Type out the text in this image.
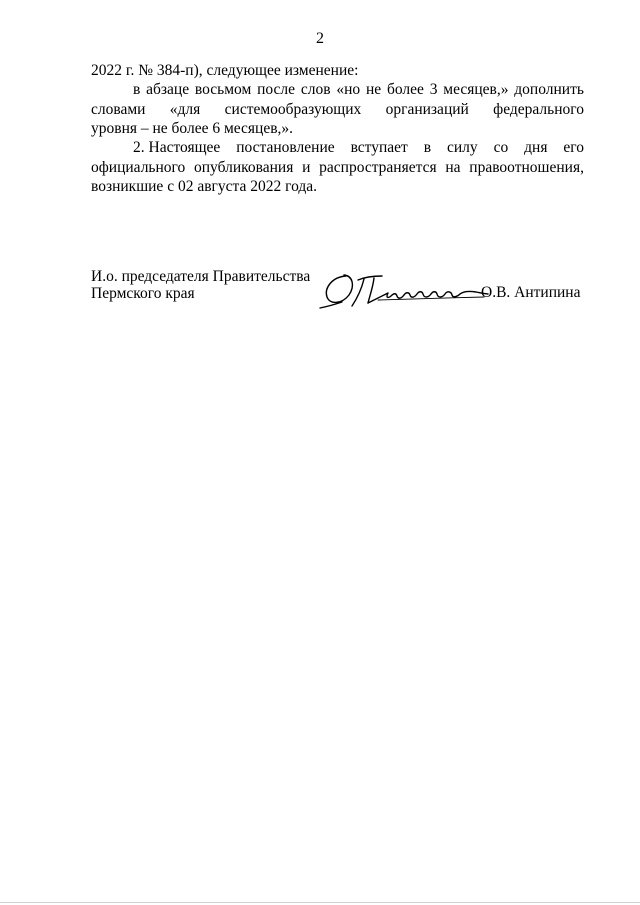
2
2022 г. № 384-п), следующее изменение:
в абзаце восьмом после слов «но не более 3 месяцев,» дополнить
словами «для системообразующих организаций федерального
уровня – не более 6 месяцев,».
2. Настоящее постановление вступает в силу со дня его
официального опубликования и распространяется на правоотношения,
возникшие с 02 августа 2022 года.
И.о. председателя Правительства
Пермского края	О.В. Антипина
